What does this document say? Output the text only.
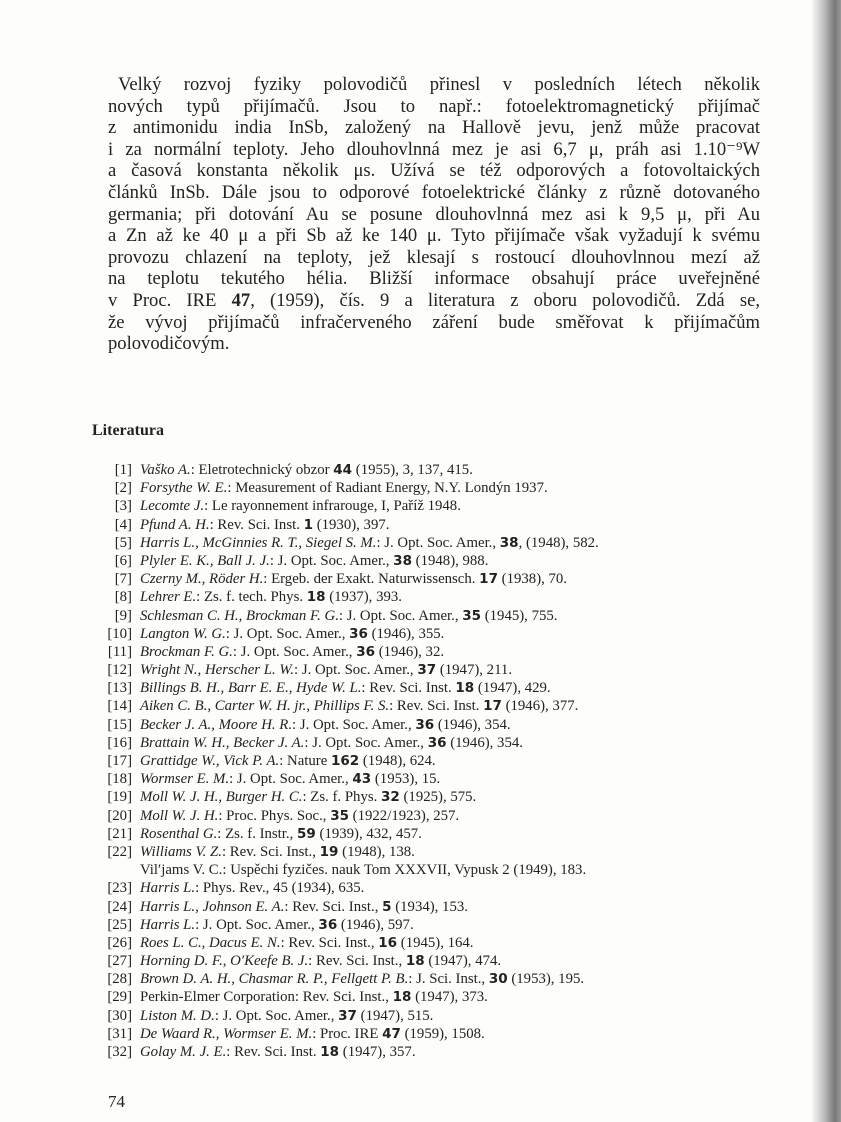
Velký rozvoj fyziky polovodičů přinesl v posledních létech několik
nových typů přijímačů. Jsou to např.: fotoelektromagnetický přijímač
z antimonidu india InSb, založený na Hallově jevu, jenž může pracovat
i za normální teploty. Jeho dlouhovlnná mez je asi 6,7 μ, práh asi 1.10⁻⁹W
a časová konstanta několik μs. Užívá se též odporových a fotovoltaických
článků InSb. Dále jsou to odporové fotoelektrické články z různě dotovaného
germania; při dotování Au se posune dlouhovlnná mez asi k 9,5 μ, při Au
a Zn až ke 40 μ a při Sb až ke 140 μ. Tyto přijímače však vyžadují k svému
provozu chlazení na teploty, jež klesají s rostoucí dlouhovlnnou mezí až
na teplotu tekutého hélia. Bližší informace obsahují práce uveřejněné
v Proc. IRE 47, (1959), čís. 9 a literatura z oboru polovodičů. Zdá se,
že vývoj přijímačů infračerveného záření bude směřovat k přijímačům
polovodičovým.
Literatura
[1] Vaško A.: Eletrotechnický obzor 44 (1955), 3, 137, 415.
[2] Forsythe W. E.: Measurement of Radiant Energy, N.Y. Londýn 1937.
[3] Lecomte J.: Le rayonnement infrarouge, I, Paříž 1948.
[4] Pfund A. H.: Rev. Sci. Inst. 1 (1930), 397.
[5] Harris L., McGinnies R. T., Siegel S. M.: J. Opt. Soc. Amer., 38, (1948), 582.
[6] Plyler E. K., Ball J. J.: J. Opt. Soc. Amer., 38 (1948), 988.
[7] Czerny M., Röder H.: Ergeb. der Exakt. Naturwissensch. 17 (1938), 70.
[8] Lehrer E.: Zs. f. tech. Phys. 18 (1937), 393.
[9] Schlesman C. H., Brockman F. G.: J. Opt. Soc. Amer., 35 (1945), 755.
[10] Langton W. G.: J. Opt. Soc. Amer., 36 (1946), 355.
[11] Brockman F. G.: J. Opt. Soc. Amer., 36 (1946), 32.
[12] Wright N., Herscher L. W.: J. Opt. Soc. Amer., 37 (1947), 211.
[13] Billings B. H., Barr E. E., Hyde W. L.: Rev. Sci. Inst. 18 (1947), 429.
[14] Aiken C. B., Carter W. H. jr., Phillips F. S.: Rev. Sci. Inst. 17 (1946), 377.
[15] Becker J. A., Moore H. R.: J. Opt. Soc. Amer., 36 (1946), 354.
[16] Brattain W. H., Becker J. A.: J. Opt. Soc. Amer., 36 (1946), 354.
[17] Grattidge W., Vick P. A.: Nature 162 (1948), 624.
[18] Wormser E. M.: J. Opt. Soc. Amer., 43 (1953), 15.
[19] Moll W. J. H., Burger H. C.: Zs. f. Phys. 32 (1925), 575.
[20] Moll W. J. H.: Proc. Phys. Soc., 35 (1922/1923), 257.
[21] Rosenthal G.: Zs. f. Instr., 59 (1939), 432, 457.
[22] Williams V. Z.: Rev. Sci. Inst., 19 (1948), 138.
Vil′jams V. C.: Uspěchi fyzičes. nauk Tom XXXVII, Vypusk 2 (1949), 183.
[23] Harris L.: Phys. Rev., 45 (1934), 635.
[24] Harris L., Johnson E. A.: Rev. Sci. Inst., 5 (1934), 153.
[25] Harris L.: J. Opt. Soc. Amer., 36 (1946), 597.
[26] Roes L. C., Dacus E. N.: Rev. Sci. Inst., 16 (1945), 164.
[27] Horning D. F., O′Keefe B. J.: Rev. Sci. Inst., 18 (1947), 474.
[28] Brown D. A. H., Chasmar R. P., Fellgett P. B.: J. Sci. Inst., 30 (1953), 195.
[29] Perkin-Elmer Corporation: Rev. Sci. Inst., 18 (1947), 373.
[30] Liston M. D.: J. Opt. Soc. Amer., 37 (1947), 515.
[31] De Waard R., Wormser E. M.: Proc. IRE 47 (1959), 1508.
[32] Golay M. J. E.: Rev. Sci. Inst. 18 (1947), 357.
74
